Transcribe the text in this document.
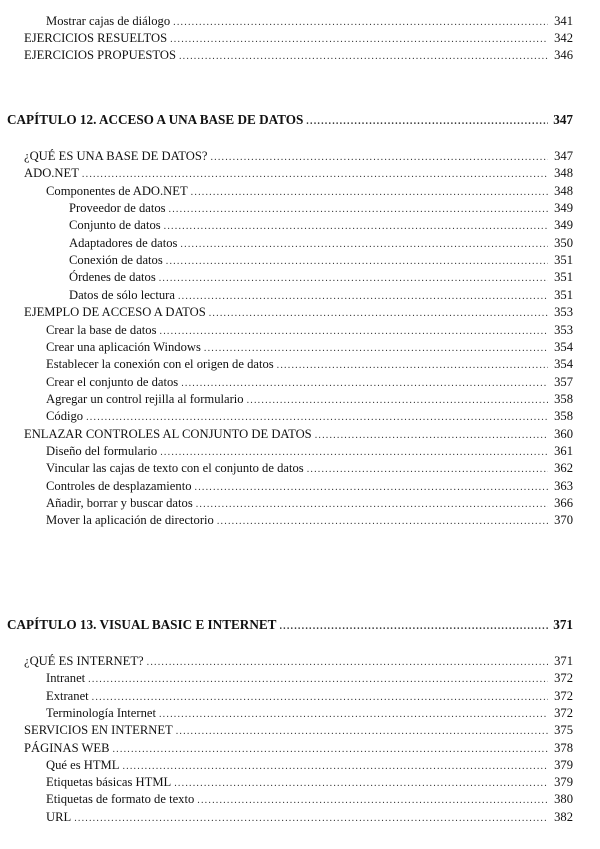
Mostrar cajas de diálogo .....	341
EJERCICIOS RESUELTOS .....	342
EJERCICIOS PROPUESTOS .....	346
CAPÍTULO 12. ACCESO A UNA BASE DE DATOS .....	347
¿QUÉ ES UNA BASE DE DATOS? .....	347
ADO.NET .....	348
Componentes de ADO.NET .....	348
Proveedor de datos .....	349
Conjunto de datos .....	349
Adaptadores de datos .....	350
Conexión de datos .....	351
Órdenes de datos .....	351
Datos de sólo lectura .....	351
EJEMPLO DE ACCESO A DATOS .....	353
Crear la base de datos .....	353
Crear una aplicación Windows .....	354
Establecer la conexión con el origen de datos .....	354
Crear el conjunto de datos .....	357
Agregar un control rejilla al formulario .....	358
Código .....	358
ENLAZAR CONTROLES AL CONJUNTO DE DATOS .....	360
Diseño del formulario .....	361
Vincular las cajas de texto con el conjunto de datos .....	362
Controles de desplazamiento .....	363
Añadir, borrar y buscar datos .....	366
Mover la aplicación de directorio .....	370
CAPÍTULO 13. VISUAL BASIC E INTERNET .....	371
¿QUÉ ES INTERNET? .....	371
Intranet .....	372
Extranet .....	372
Terminología Internet .....	372
SERVICIOS EN INTERNET .....	375
PÁGINAS WEB .....	378
Qué es HTML .....	379
Etiquetas básicas HTML .....	379
Etiquetas de formato de texto .....	380
URL .....	382
